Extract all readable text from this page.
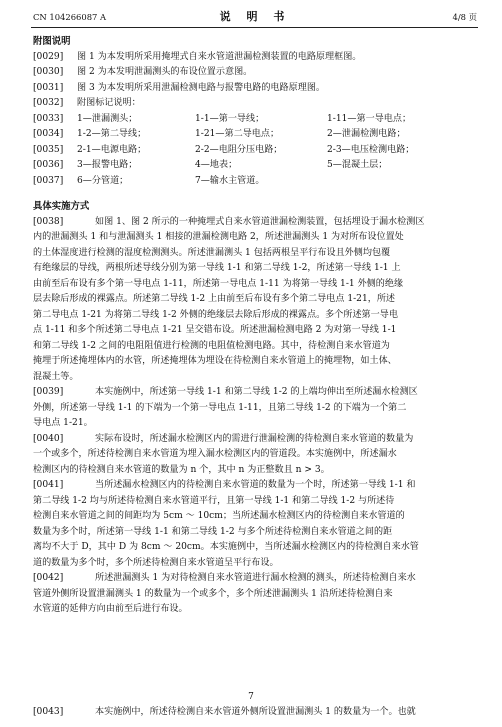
CN 104266087 A	说 明 书	4/8 页
附图说明
[0029]	图 1 为本发明所采用掩埋式自来水管道泄漏检测装置的电路原理框图。
[0030]	图 2 为本发明泄漏测头的布设位置示意图。
[0031]	图 3 为本发明所采用泄漏检测电路与报警电路的电路原理图。
[0032]	附图标记说明：
[0033]	1—泄漏测头；	1-1—第一导线；	1-11—第一导电点；
[0034]	1-2—第二导线；	1-21—第二导电点；	2—泄漏检测电路；
[0035]	2-1—电源电路；	2-2—电阻分压电路；	2-3—电压检测电路；
[0036]	3—报警电路；	4—地表；	5—混凝土层；
[0037]	6—分管道；	7—输水主管道。
具体实施方式
[0038]	如图 1、图 2 所示的一种掩埋式自来水管道泄漏检测装置，包括埋设于漏水检测区
内的泄漏测头 1 和与泄漏测头 1 相接的泄漏检测电路 2，所述泄漏测头 1 为对所布设位置处
的土体湿度进行检测的湿度检测测头。所述泄漏测头 1 包括两根呈平行布设且外侧均包覆
有绝缘层的导线，两根所述导线分别为第一导线 1-1 和第二导线 1-2，所述第一导线 1-1 上
由前至后布设有多个第一导电点 1-11，所述第一导电点 1-11 为将第一导线 1-1 外侧的绝缘
层去除后形成的裸露点。所述第二导线 1-2 上由前至后布设有多个第二导电点 1-21，所述
第二导电点 1-21 为将第二导线 1-2 外侧的绝缘层去除后形成的裸露点。多个所述第一导电
点 1-11 和多个所述第二导电点 1-21 呈交错布设。所述泄漏检测电路 2 为对第一导线 1-1
和第二导线 1-2 之间的电阻阻值进行检测的电阻值检测电路。其中，待检测自来水管道为
掩埋于所述掩埋体内的水管，所述掩埋体为埋设在待检测自来水管道上的掩埋物，如土体、
混凝土等。
[0039]	本实施例中，所述第一导线 1-1 和第二导线 1-2 的上端均伸出至所述漏水检测区
外侧，所述第一导线 1-1 的下端为一个第一导电点 1-11，且第二导线 1-2 的下端为一个第二
导电点 1-21。
[0040]	实际布设时，所述漏水检测区内的需进行泄漏检测的待检测自来水管道的数量为
一个或多个，所述待检测自来水管道为埋入漏水检测区内的管道段。本实施例中，所述漏水
检测区内的待检测自来水管道的数量为 n 个，其中 n 为正整数且 n > 3。
[0041]	当所述漏水检测区内的待检测自来水管道的数量为一个时，所述第一导线 1-1 和
第二导线 1-2 均与所述待检测自来水管道平行，且第一导线 1-1 和第二导线 1-2 与所述待
检测自来水管道之间的间距均为 5cm ～ 10cm；当所述漏水检测区内的待检测自来水管道的
数量为多个时，所述第一导线 1-1 和第二导线 1-2 与多个所述待检测自来水管道之间的距
离均不大于 D，其中 D 为 8cm ～ 20cm。本实施例中，当所述漏水检测区内的待检测自来水管
道的数量为多个时，多个所述待检测自来水管道呈平行布设。
[0042]	所述泄漏测头 1 为对待检测自来水管道进行漏水检测的测头，所述待检测自来水
管道外侧所设置泄漏测头 1 的数量为一个或多个，多个所述泄漏测头 1 沿所述待检测自来
水管道的延伸方向由前至后进行布设。
[0043]	本实施例中，所述待检测自来水管道外侧所设置泄漏测头 1 的数量为一个。也就
7
